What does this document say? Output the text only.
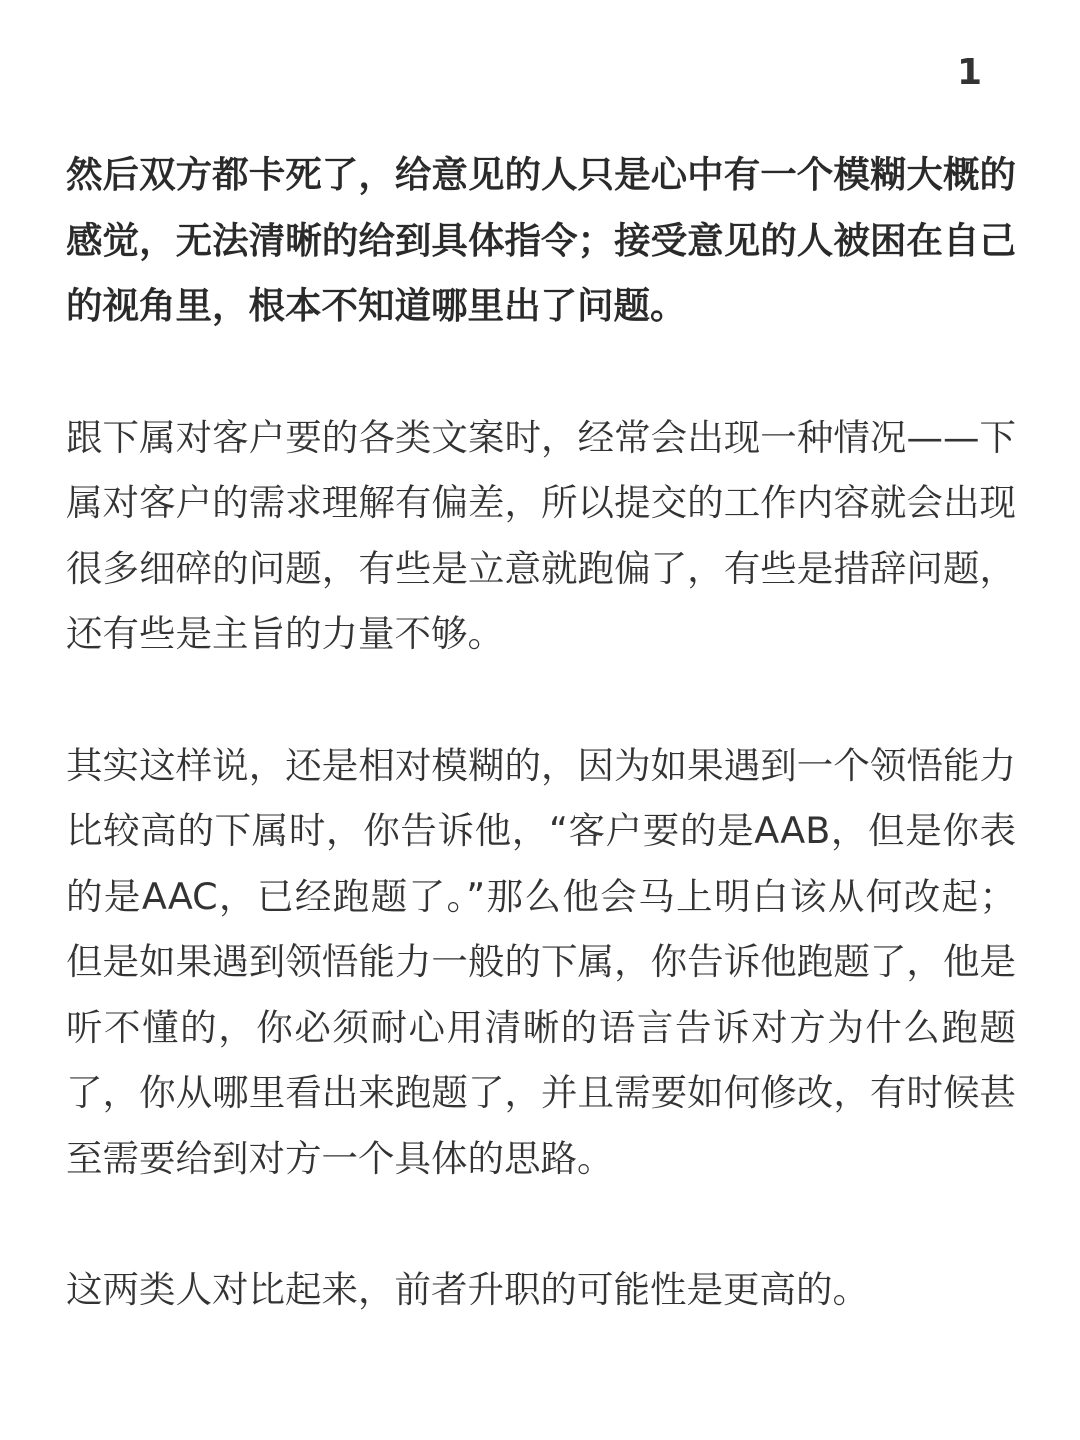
1

然后双方都卡死了，给意见的人只是心中有一个模糊大概的感觉，无法清晰的给到具体指令；接受意见的人被困在自己的视角里，根本不知道哪里出了问题。

跟下属对客户要的各类文案时，经常会出现一种情况——下属对客户的需求理解有偏差，所以提交的工作内容就会出现很多细碎的问题，有些是立意就跑偏了，有些是措辞问题，还有些是主旨的力量不够。

其实这样说，还是相对模糊的，因为如果遇到一个领悟能力比较高的下属时，你告诉他，“客户要的是AAB，但是你表的是AAC，已经跑题了。”那么他会马上明白该从何改起；但是如果遇到领悟能力一般的下属，你告诉他跑题了，他是听不懂的，你必须耐心用清晰的语言告诉对方为什么跑题了，你从哪里看出来跑题了，并且需要如何修改，有时候甚至需要给到对方一个具体的思路。

这两类人对比起来，前者升职的可能性是更高的。
